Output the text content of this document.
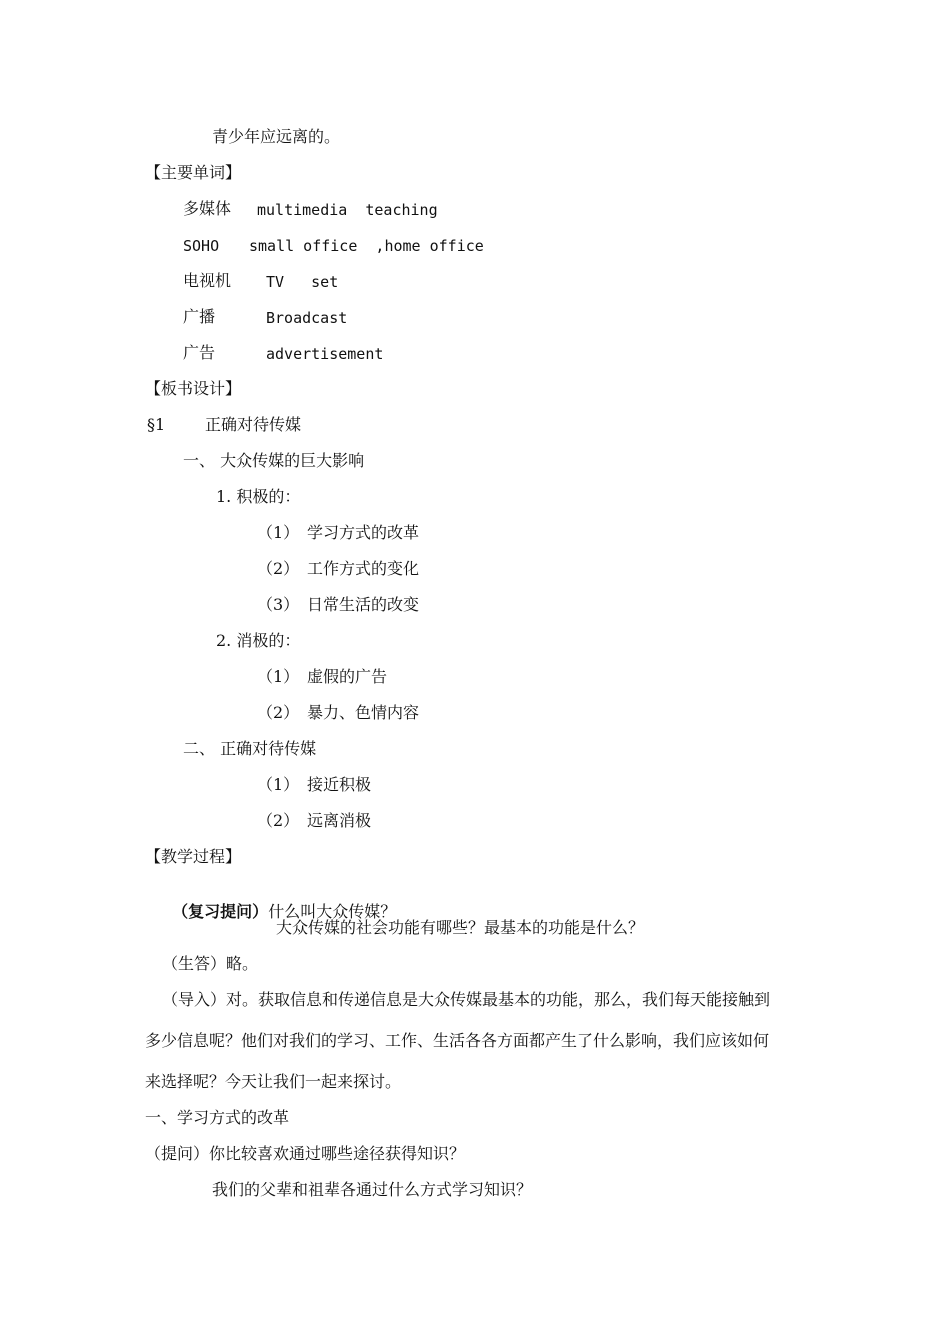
青少年应远离的。
【主要单词】
多媒体 multimedia  teaching
SOHO small office  ,home office
电视机 TV   set
广播	Broadcast
广告	advertisement
【板书设计】
§1 正确对待传媒
一、 大众传媒的巨大影响
1. 积极的：
（1） 学习方式的改革
（2） 工作方式的变化
（3） 日常生活的改变
2. 消极的：
（1） 虚假的广告
（2） 暴力、色情内容
二、 正确对待传媒
（1） 接近积极
（2） 远离消极
【教学过程】

（复习提问）什么叫大众传媒？

大众传媒的社会功能有哪些？最基本的功能是什么？
（生答）略。
（导入）对。获取信息和传递信息是大众传媒最基本的功能，那么，我们每天能接触到
多少信息呢？他们对我们的学习、工作、生活各各方面都产生了什么影响，我们应该如何
来选择呢？今天让我们一起来探讨。
一、学习方式的改革
（提问）你比较喜欢通过哪些途径获得知识？
我们的父辈和祖辈各通过什么方式学习知识？
